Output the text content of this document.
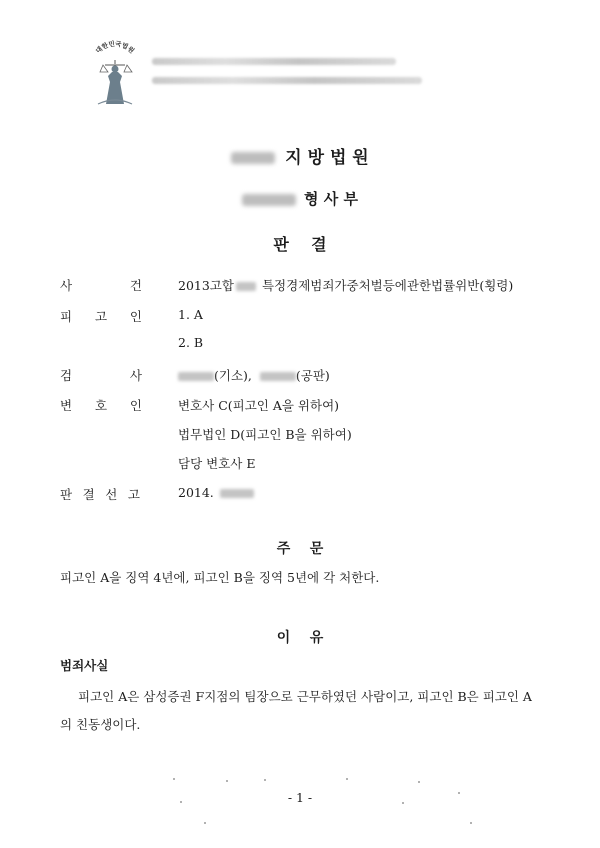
대한민국법원
지 방 법 원
형 사 부
판    결
사	건	2013고합 특정경제범죄가중처벌등에관한법률위반(횡령)
피 고 인	1. A
2. B
검	사	(기소),	(공판)
변 호 인	변호사 C(피고인 A을 위하여)
법무법인 D(피고인 B을 위하여)
담당 변호사 E
판 결 선 고	2014.
주    문
피고인 A을 징역 4년에, 피고인 B을 징역 5년에 각 처한다.
이    유
범죄사실
피고인 A은 삼성증권 F지점의 팀장으로 근무하였던 사람이고, 피고인 B은 피고인 A
의 친동생이다.
- 1 -
